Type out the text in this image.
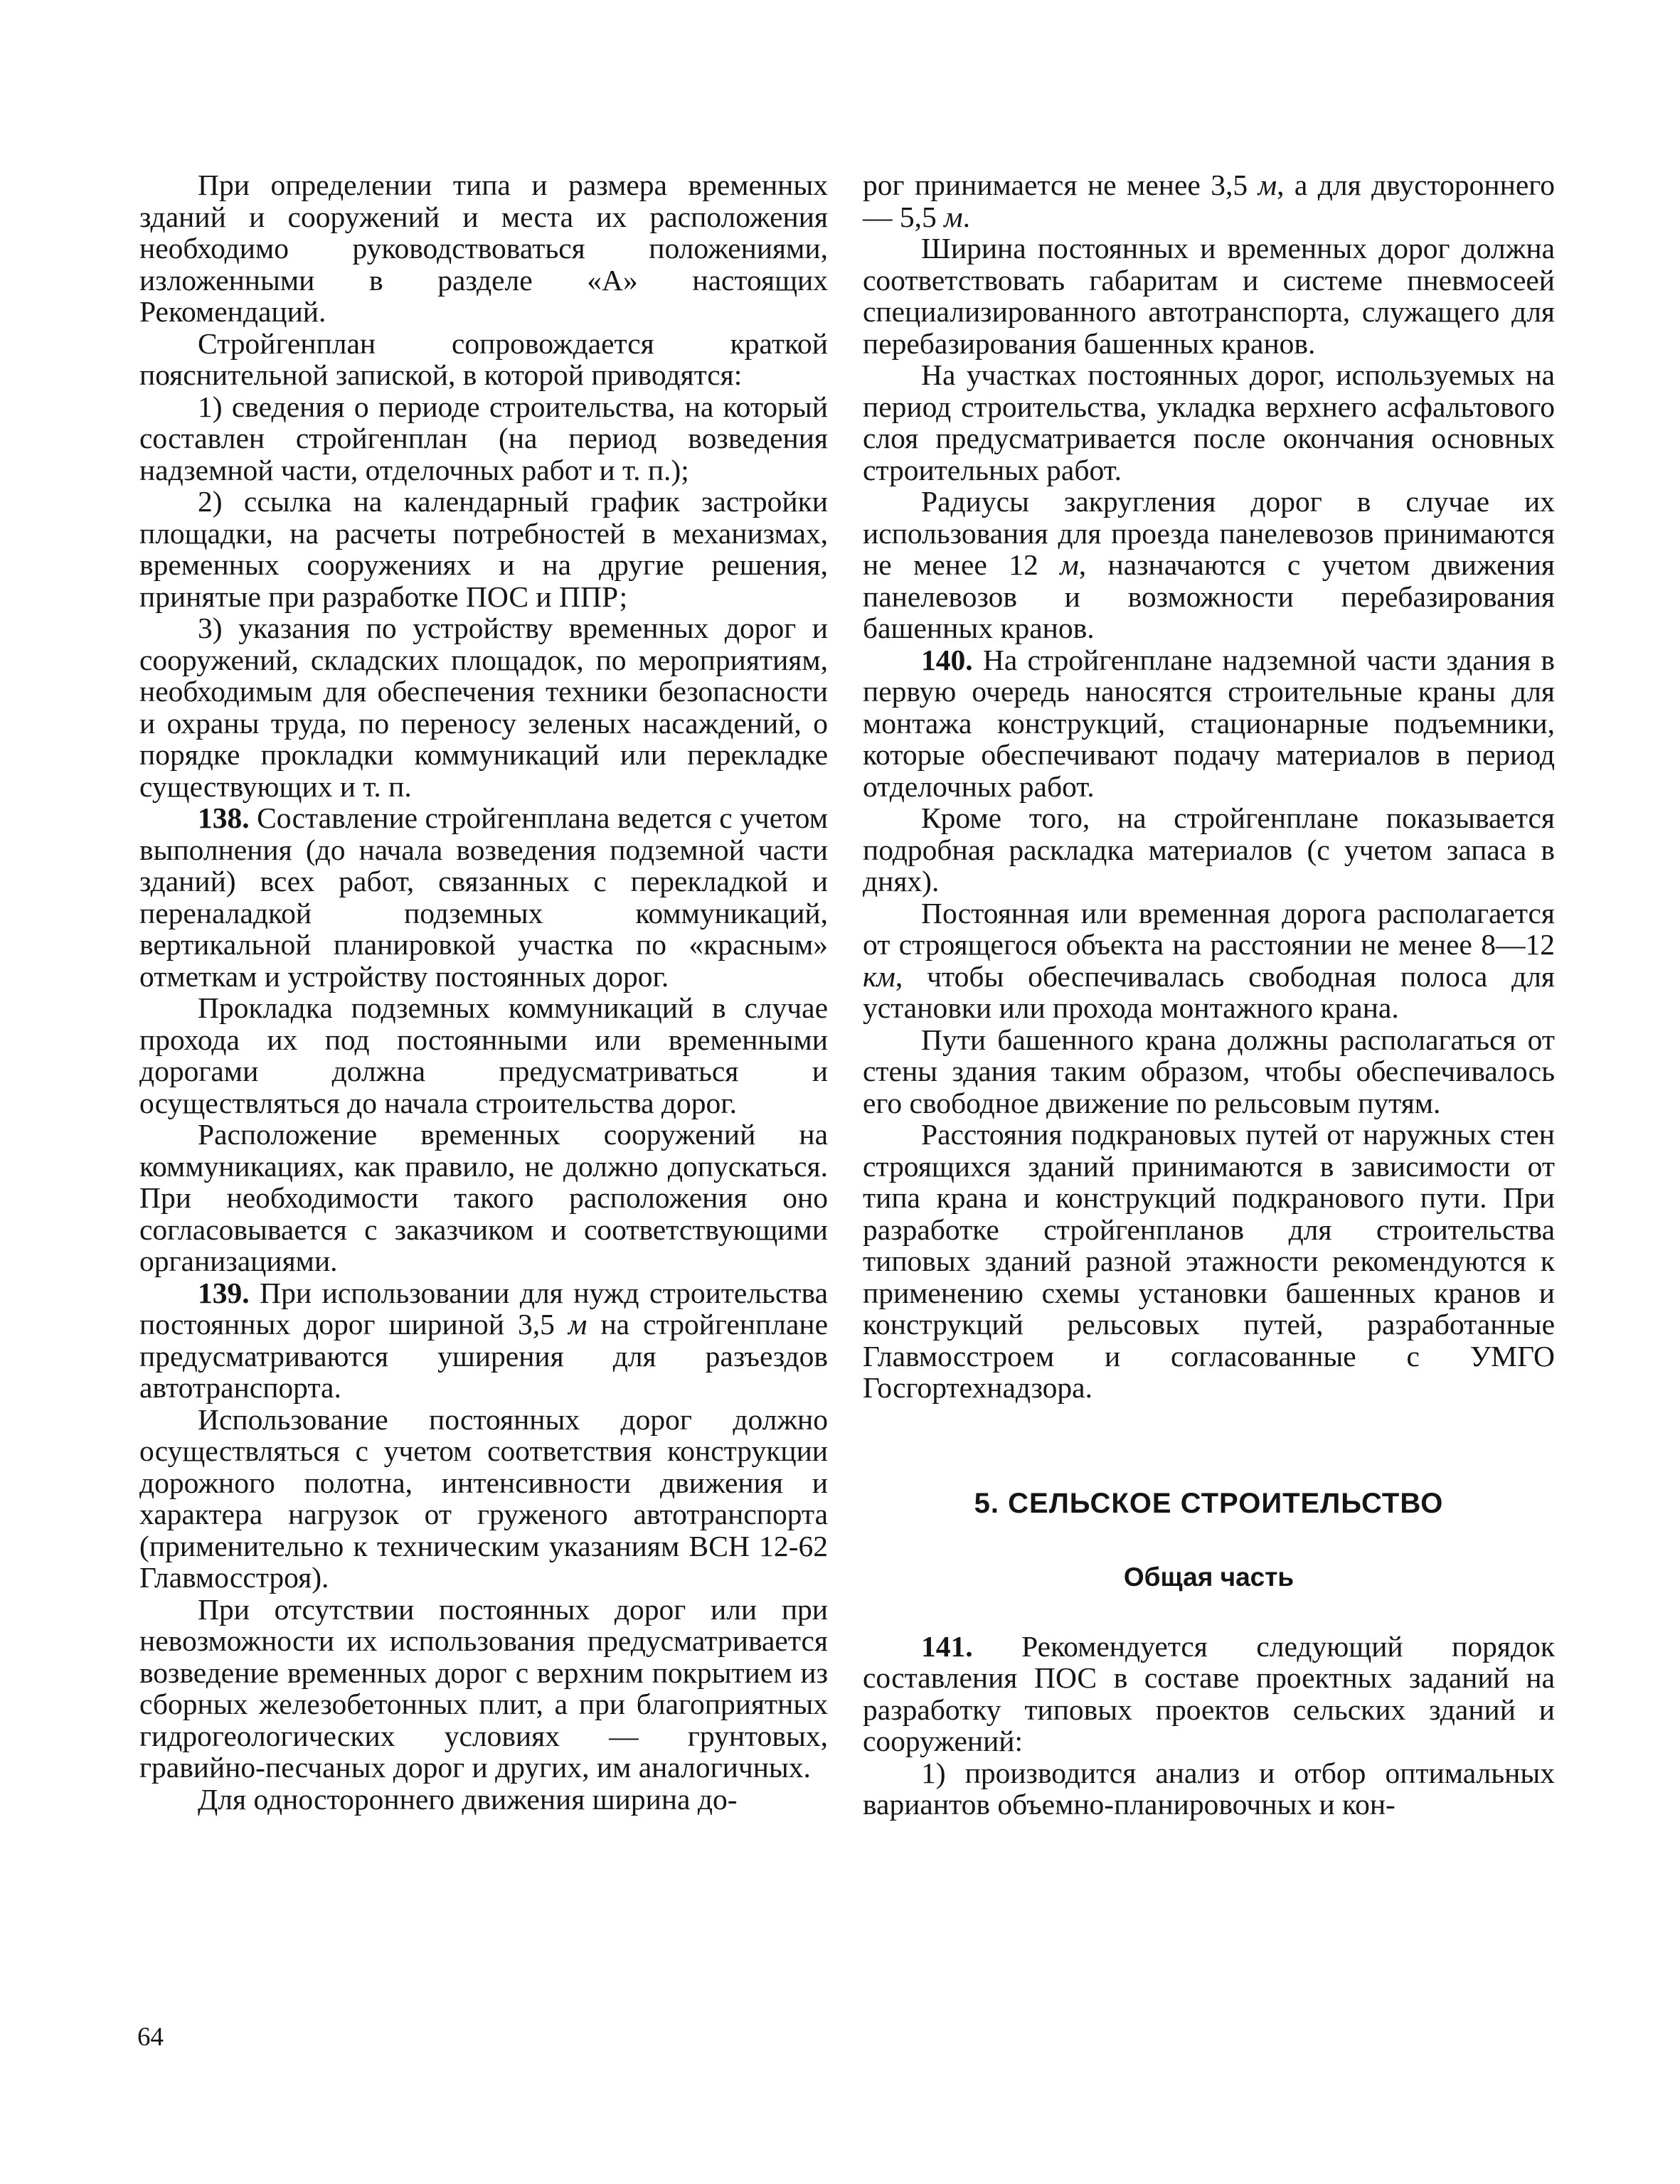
При определении типа и размера временных зданий и сооружений и места их расположения необходимо руководствоваться положениями, изложенными в разделе «А» настоящих Рекомендаций.

Стройгенплан сопровождается краткой пояснительной запиской, в которой приводятся:

1) сведения о периоде строительства, на который составлен стройгенплан (на период возведения надземной части, отделочных работ и т. п.);

2) ссылка на календарный график застройки площадки, на расчеты потребностей в механизмах, временных сооружениях и на другие решения, принятые при разработке ПОС и ППР;

3) указания по устройству временных дорог и сооружений, складских площадок, по мероприятиям, необходимым для обеспечения техники безопасности и охраны труда, по переносу зеленых насаждений, о порядке прокладки коммуникаций или перекладке существующих и т. п.

138. Составление стройгенплана ведется с учетом выполнения (до начала возведения подземной части зданий) всех работ, связанных с перекладкой и переналадкой подземных коммуникаций, вертикальной планировкой участка по «красным» отметкам и устройству постоянных дорог.

Прокладка подземных коммуникаций в случае прохода их под постоянными или временными дорогами должна предусматриваться и осуществляться до начала строительства дорог.

Расположение временных сооружений на коммуникациях, как правило, не должно допускаться. При необходимости такого расположения оно согласовывается с заказчиком и соответствующими организациями.

139. При использовании для нужд строительства постоянных дорог шириной 3,5 м на стройгенплане предусматриваются уширения для разъездов автотранспорта.

Использование постоянных дорог должно осуществляться с учетом соответствия конструкции дорожного полотна, интенсивности движения и характера нагрузок от груженого автотранспорта (применительно к техническим указаниям ВСН 12-62 Главмосстроя).

При отсутствии постоянных дорог или при невозможности их использования предусматривается возведение временных дорог с верхним покрытием из сборных железобетонных плит, а при благоприятных гидрогеологических условиях — грунтовых, гравийно-песчаных дорог и других, им аналогичных.

Для одностороннего движения ширина до-

рог принимается не менее 3,5 м, а для двустороннего — 5,5 м.

Ширина постоянных и временных дорог должна соответствовать габаритам и системе пневмосеей специализированного автотранспорта, служащего для перебазирования башенных кранов.

На участках постоянных дорог, используемых на период строительства, укладка верхнего асфальтового слоя предусматривается после окончания основных строительных работ.

Радиусы закругления дорог в случае их использования для проезда панелевозов принимаются не менее 12 м, назначаются с учетом движения панелевозов и возможности перебазирования башенных кранов.

140. На стройгенплане надземной части здания в первую очередь наносятся строительные краны для монтажа конструкций, стационарные подъемники, которые обеспечивают подачу материалов в период отделочных работ.

Кроме того, на стройгенплане показывается подробная раскладка материалов (с учетом запаса в днях).

Постоянная или временная дорога располагается от строящегося объекта на расстоянии не менее 8—12 км, чтобы обеспечивалась свободная полоса для установки или прохода монтажного крана.

Пути башенного крана должны располагаться от стены здания таким образом, чтобы обеспечивалось его свободное движение по рельсовым путям.

Расстояния подкрановых путей от наружных стен строящихся зданий принимаются в зависимости от типа крана и конструкций подкранового пути. При разработке стройгенпланов для строительства типовых зданий разной этажности рекомендуются к применению схемы установки башенных кранов и конструкций рельсовых путей, разработанные Главмосстроем и согласованные с УМГО Госгортехнадзора.

5. СЕЛЬСКОЕ СТРОИТЕЛЬСТВО
Общая часть

141. Рекомендуется следующий порядок составления ПОС в составе проектных заданий на разработку типовых проектов сельских зданий и сооружений:

1) производится анализ и отбор оптимальных вариантов объемно-планировочных и кон-

64
